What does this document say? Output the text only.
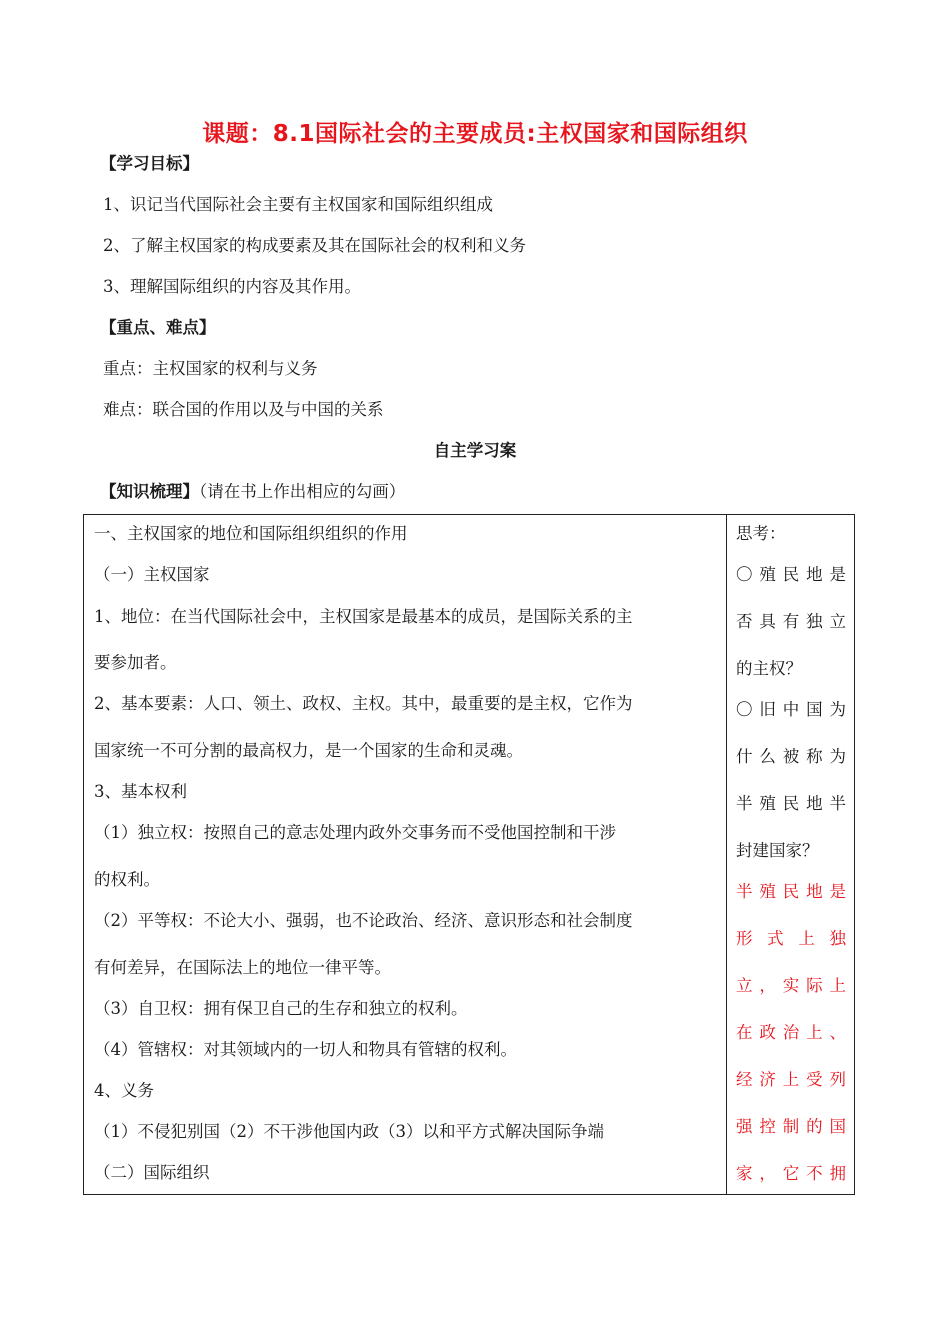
课题：8.1国际社会的主要成员:主权国家和国际组织
【学习目标】
1、识记当代国际社会主要有主权国家和国际组织组成
2、了解主权国家的构成要素及其在国际社会的权利和义务
3、理解国际组织的内容及其作用。
【重点、难点】
重点：主权国家的权利与义务
难点：联合国的作用以及与中国的关系
自主学习案
【知识梳理】（请在书上作出相应的勾画）
一、主权国家的地位和国际组织组织的作用
（一）主权国家
1、地位：在当代国际社会中，主权国家是最基本的成员，是国际关系的主
要参加者。
2、基本要素：人口、领土、政权、主权。其中，最重要的是主权，它作为
国家统一不可分割的最高权力，是一个国家的生命和灵魂。
3、基本权利
（1）独立权：按照自己的意志处理内政外交事务而不受他国控制和干涉
的权利。
（2）平等权：不论大小、强弱，也不论政治、经济、意识形态和社会制度
有何差异，在国际法上的地位一律平等。
（3）自卫权：拥有保卫自己的生存和独立的权利。
（4）管辖权：对其领域内的一切人和物具有管辖的权利。
4、义务
（1）不侵犯别国（2）不干涉他国内政（3）以和平方式解决国际争端
（二）国际组织
思考：
〇殖民地是
否具有独立
的主权？
〇旧中国为
什么被称为
半殖民地半
封建国家？
半殖民地是
形式上独
立，实际上
在政治上、
经济上受列
强控制的国
家，它不拥
